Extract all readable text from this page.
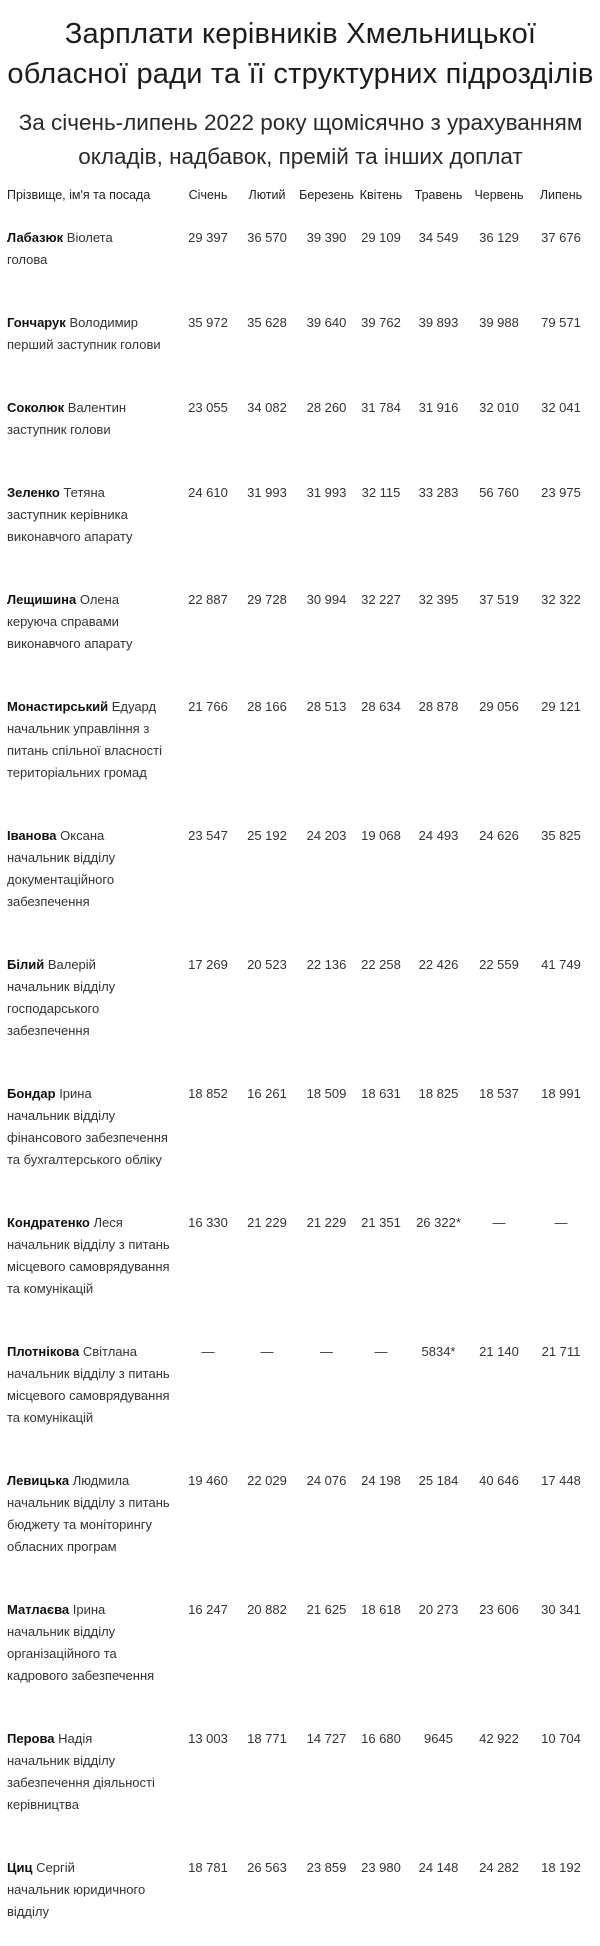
Зарплати керівників Хмельницької обласної ради та її структурних підрозділів
За січень-липень 2022 року щомісячно з урахуванням окладів, надбавок, премій та інших доплат
Прізвище, ім'я та посада	Січень	Лютий	Березень	Квітень	Травень	Червень	Липень
Лабазюк Віолета
голова	29 397	36 570	39 390	29 109	34 549	36 129	37 676
Гончарук Володимир
перший заступник голови	35 972	35 628	39 640	39 762	39 893	39 988	79 571
Соколюк Валентин
заступник голови	23 055	34 082	28 260	31 784	31 916	32 010	32 041
Зеленко Тетяна
заступник керівника виконавчого апарату	24 610	31 993	31 993	32 115	33 283	56 760	23 975
Лещишина Олена
керуюча справами виконавчого апарату	22 887	29 728	30 994	32 227	32 395	37 519	32 322
Монастирський Едуард
начальник управління з питань спільної власності територіальних громад	21 766	28 166	28 513	28 634	28 878	29 056	29 121
Іванова Оксана
начальник відділу документаційного забезпечення	23 547	25 192	24 203	19 068	24 493	24 626	35 825
Білий Валерій
начальник відділу господарського забезпечення	17 269	20 523	22 136	22 258	22 426	22 559	41 749
Бондар Ірина
начальник відділу фінансового забезпечення та бухгалтерського обліку	18 852	16 261	18 509	18 631	18 825	18 537	18 991
Кондратенко Леся
начальник відділу з питань місцевого самоврядування та комунікацій	16 330	21 229	21 229	21 351	26 322*	—	—
Плотнікова Світлана
начальник відділу з питань місцевого самоврядування та комунікацій	—	—	—	—	5834*	21 140	21 711
Левицька Людмила
начальник відділу з питань бюджету та моніторингу обласних програм	19 460	22 029	24 076	24 198	25 184	40 646	17 448
Матлаєва Ірина
начальник відділу організаційного та кадрового забезпечення	16 247	20 882	21 625	18 618	20 273	23 606	30 341
Перова Надія
начальник відділу забезпечення діяльності керівництва	13 003	18 771	14 727	16 680	9645	42 922	10 704
Циц Сергій
начальник юридичного відділу	18 781	26 563	23 859	23 980	24 148	24 282	18 192
